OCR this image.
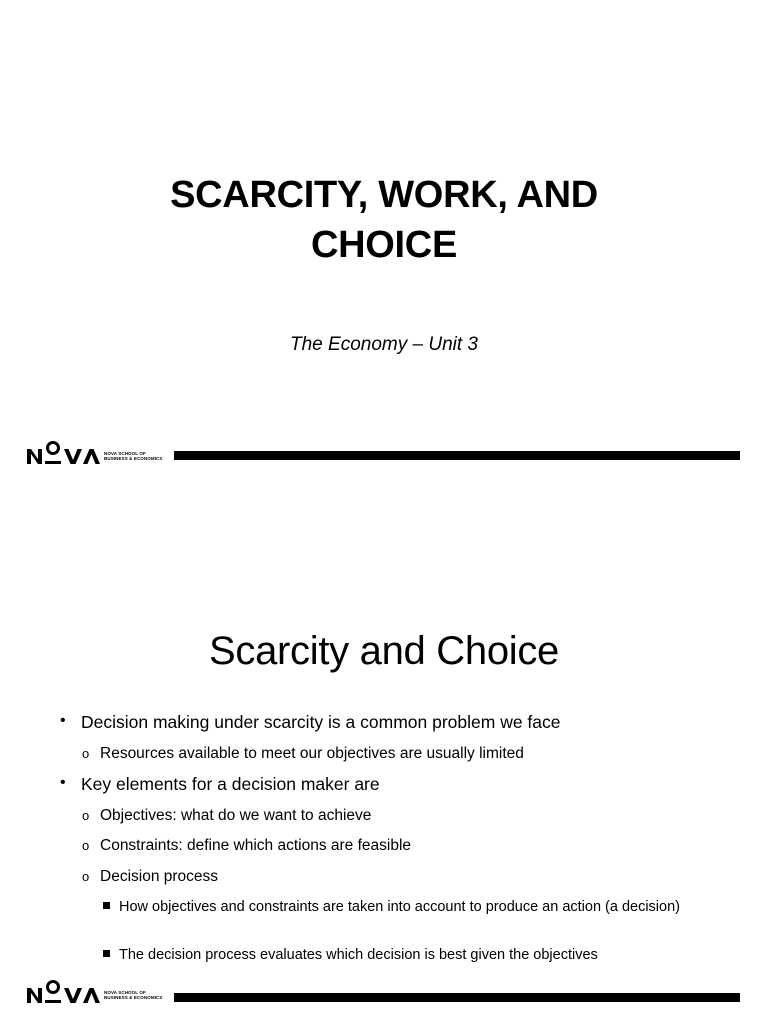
SCARCITY, WORK, AND
CHOICE
The Economy – Unit 3
NOVA SCHOOL OF
BUSINESS & ECONOMICS
Scarcity and Choice
• Decision making under scarcity is a common problem we face
o Resources available to meet our objectives are usually limited
• Key elements for a decision maker are
o Objectives: what do we want to achieve
o Constraints: define which actions are feasible
o Decision process
How objectives and constraints are taken into account to produce an action (a decision)
The decision process evaluates which decision is best given the objectives
NOVA SCHOOL OF
BUSINESS & ECONOMICS
